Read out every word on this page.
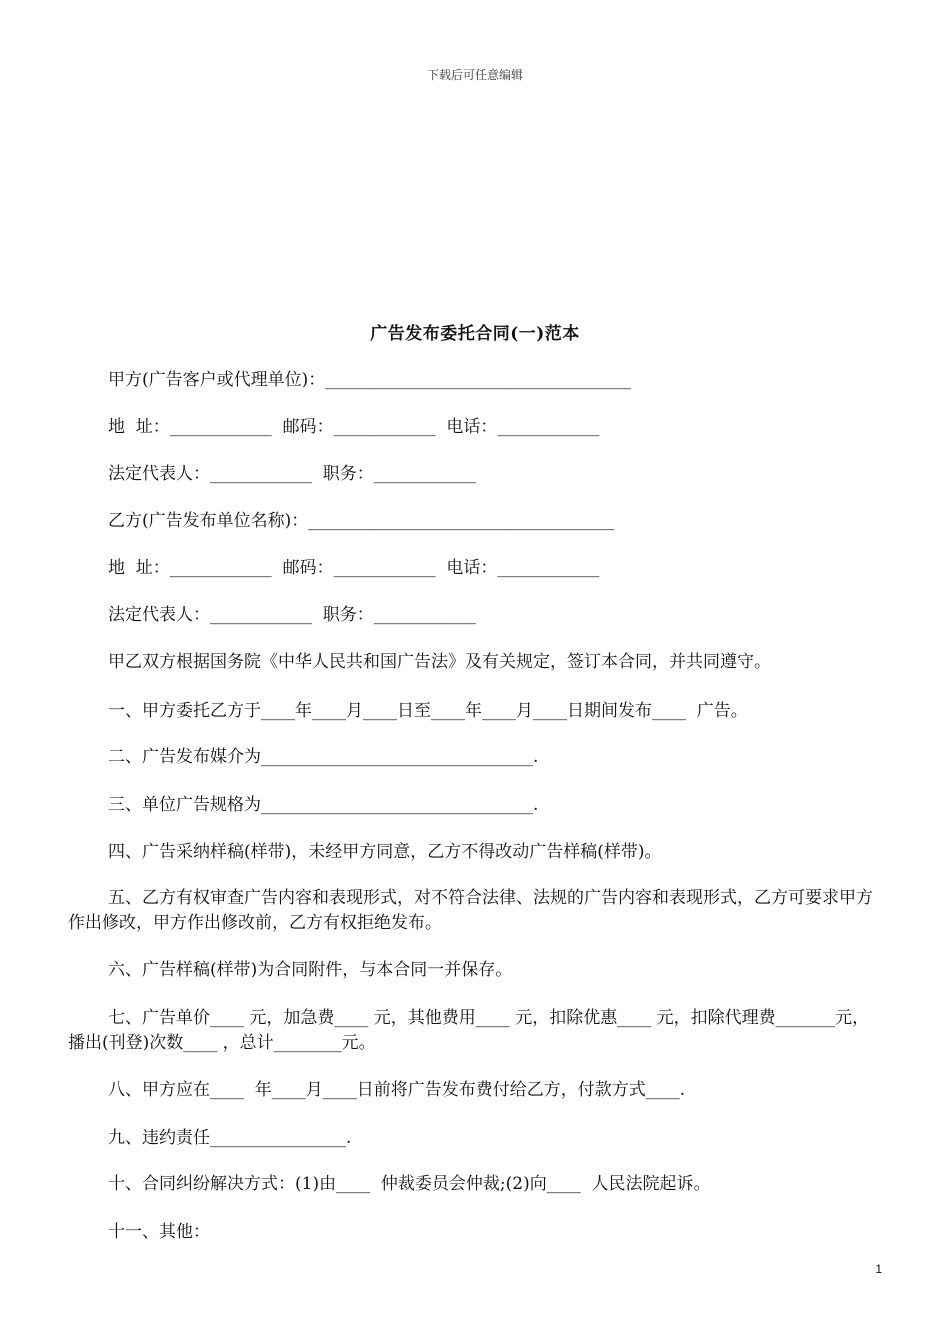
下载后可任意编辑
广告发布委托合同(一)范本
甲方(广告客户或代理单位)：____________________________________
地  址：____________  邮码：____________  电话：____________
法定代表人：____________  职务：____________
乙方(广告发布单位名称)：____________________________________
地  址：____________  邮码：____________  电话：____________
法定代表人：____________  职务：____________
甲乙双方根据国务院《中华人民共和国广告法》及有关规定，签订本合同，并共同遵守。
一、甲方委托乙方于____年____月____日至____年____月____日期间发布____  广告。
二、广告发布媒介为________________________________.
三、单位广告规格为________________________________.
四、广告采纳样稿(样带)，未经甲方同意，乙方不得改动广告样稿(样带)。
五、乙方有权审查广告内容和表现形式，对不符合法律、法规的广告内容和表现形式，乙方可要求甲方作出修改，甲方作出修改前，乙方有权拒绝发布。
六、广告样稿(样带)为合同附件，与本合同一并保存。
七、广告单价____ 元，加急费____ 元，其他费用____ 元，扣除优惠____ 元，扣除代理费_______元，播出(刊登)次数____ ，总计________元。
八、甲方应在____  年____月____日前将广告发布费付给乙方，付款方式____.
九、违约责任________________.
十、合同纠纷解决方式：(1)由____  仲裁委员会仲裁;(2)向____  人民法院起诉。
十一、其他：
1
